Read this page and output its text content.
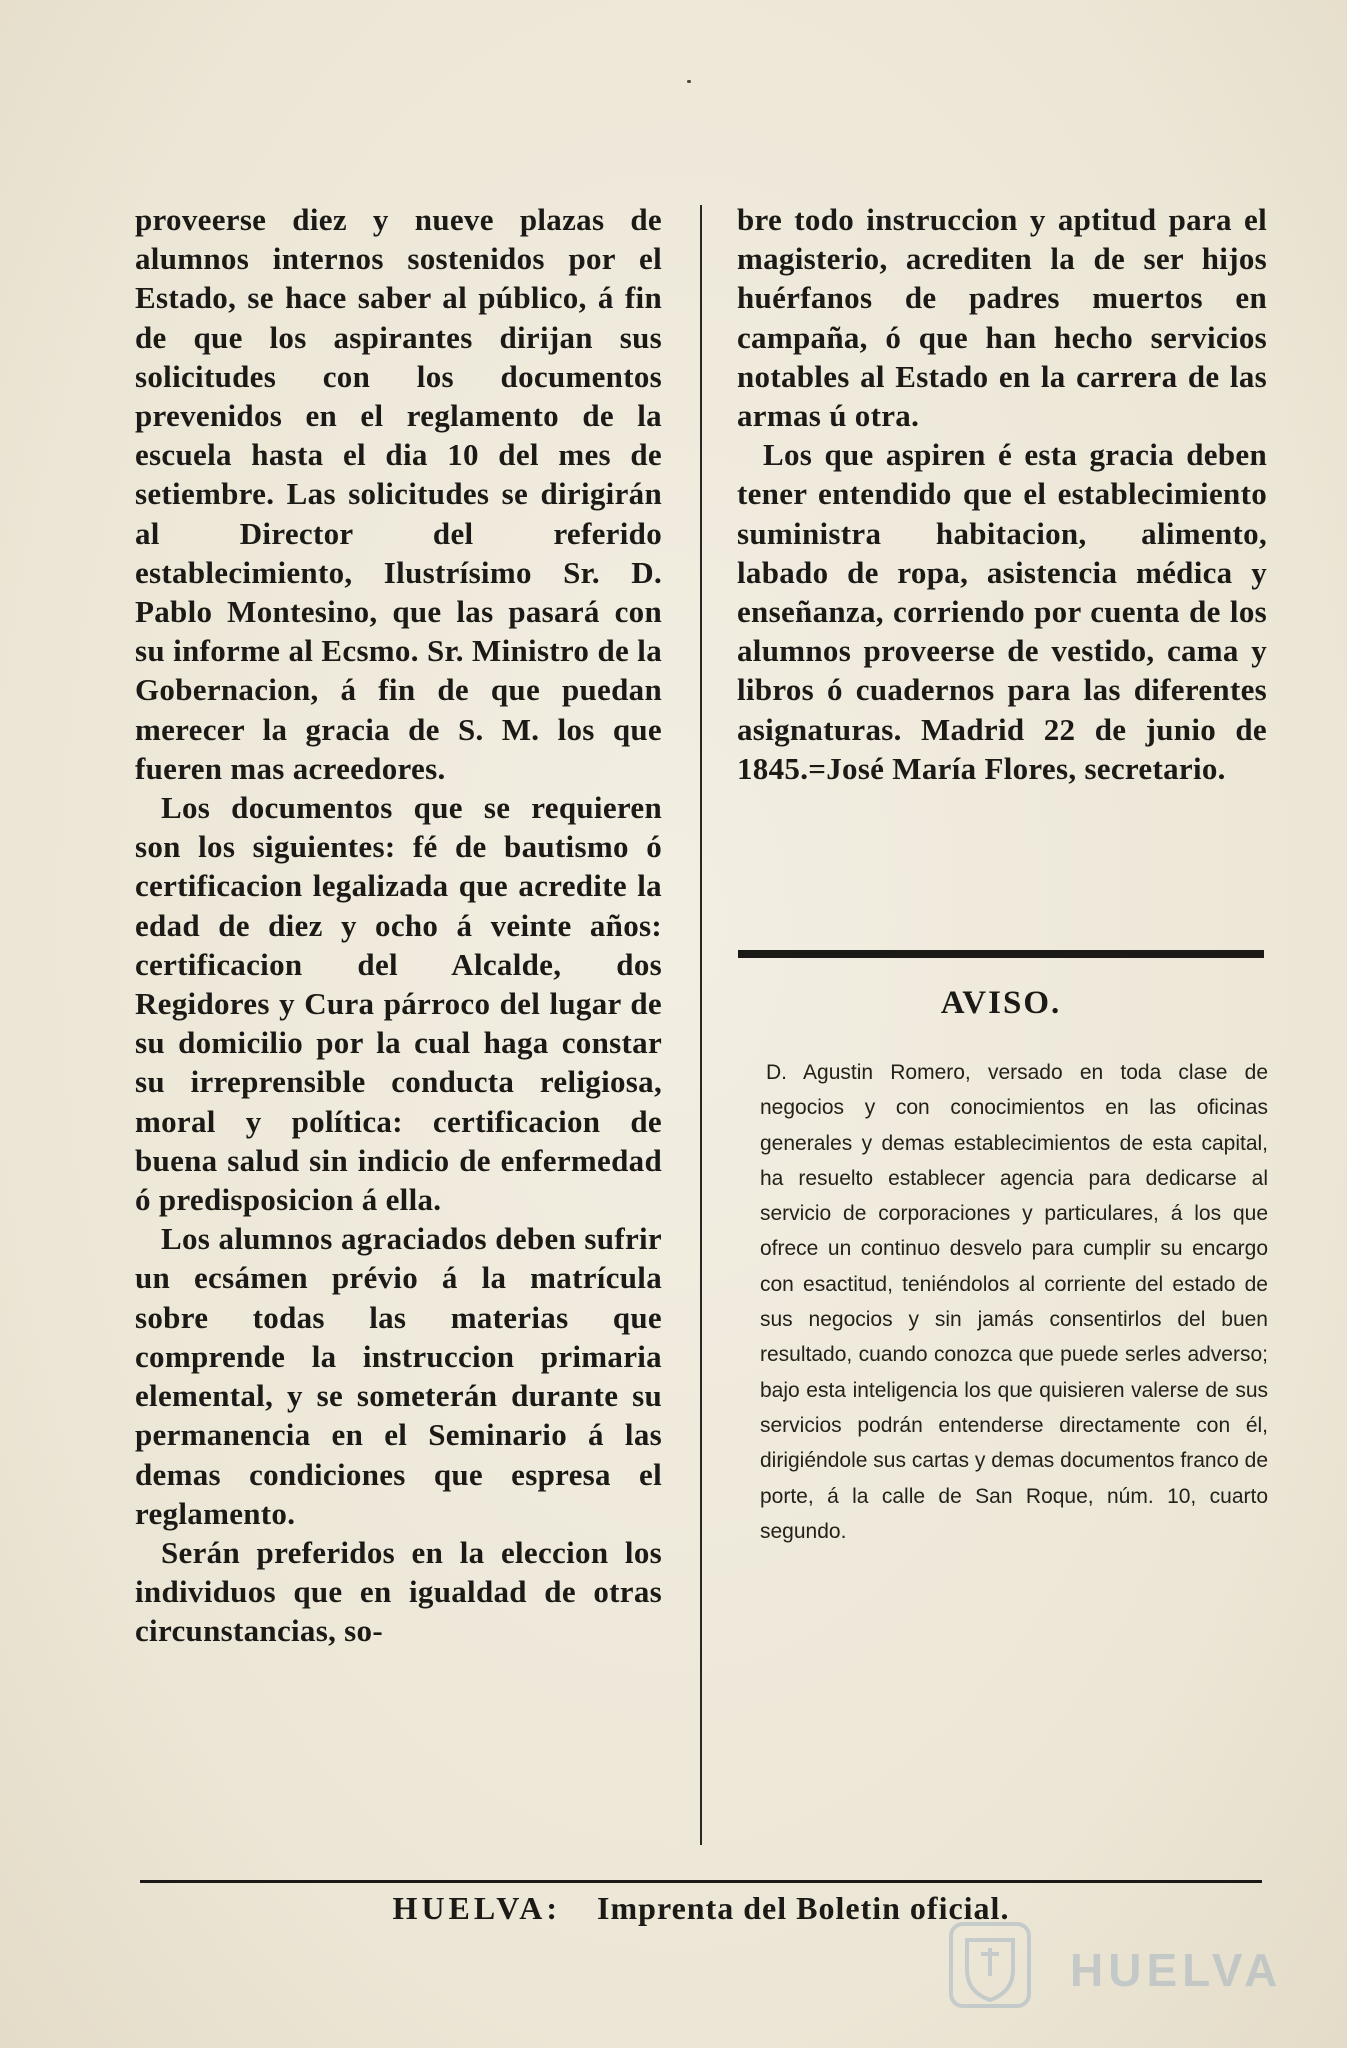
proveerse diez y nueve plazas de alumnos internos sostenidos por el Estado, se hace saber al público, á fin de que los aspirantes dirijan sus solicitudes con los documentos prevenidos en el reglamento de la escuela hasta el dia 10 del mes de setiembre. Las solicitudes se dirigirán al Director del referido establecimiento, Ilustrísimo Sr. D. Pablo Montesino, que las pasará con su informe al Ecsmo. Sr. Ministro de la Gobernacion, á fin de que puedan merecer la gracia de S. M. los que fueren mas acreedores.

Los documentos que se requieren son los siguientes: fé de bautismo ó certificacion legalizada que acredite la edad de diez y ocho á veinte años: certificacion del Alcalde, dos Regidores y Cura párroco del lugar de su domicilio por la cual haga constar su irreprensible conducta religiosa, moral y política: certificacion de buena salud sin indicio de enfermedad ó predisposicion á ella.

Los alumnos agraciados deben sufrir un ecsámen prévio á la matrícula sobre todas las materias que comprende la instruccion primaria elemental, y se someterán durante su permanencia en el Seminario á las demas condiciones que espresa el reglamento.

Serán preferidos en la eleccion los individuos que en igualdad de otras circunstancias, so-

bre todo instruccion y aptitud para el magisterio, acrediten la de ser hijos huérfanos de padres muertos en campaña, ó que han hecho servicios notables al Estado en la carrera de las armas ú otra.

Los que aspiren é esta gracia deben tener entendido que el establecimiento suministra habitacion, alimento, labado de ropa, asistencia médica y enseñanza, corriendo por cuenta de los alumnos proveerse de vestido, cama y libros ó cuadernos para las diferentes asignaturas. Madrid 22 de junio de 1845.=José María Flores, secretario.

AVISO.

D. Agustin Romero, versado en toda clase de negocios y con conocimientos en las oficinas generales y demas establecimientos de esta capital, ha resuelto establecer agencia para dedicarse al servicio de corporaciones y particulares, á los que ofrece un continuo desvelo para cumplir su encargo con esactitud, teniéndolos al corriente del estado de sus negocios y sin jamás consentirlos del buen resultado, cuando conozca que puede serles adverso; bajo esta inteligencia los que quisieren valerse de sus servicios podrán entenderse directamente con él, dirigiéndole sus cartas y demas documentos franco de porte, á la calle de San Roque, núm. 10, cuarto segundo.

HUELVA: Imprenta del Boletin oficial.
HUELVA
